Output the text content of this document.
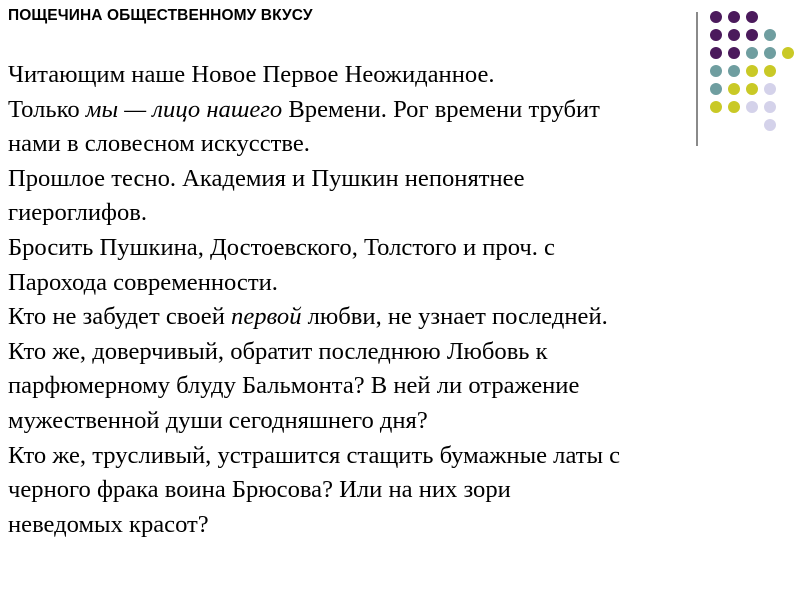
ПОЩЕЧИНА ОБЩЕСТВЕННОМУ ВКУСУ
Читающим наше Новое Первое Неожиданное.
Только мы — лицо нашего Времени. Рог времени трубит
нами в словесном искусстве.
Прошлое тесно. Академия и Пушкин непонятнее
гиероглифов.
Бросить Пушкина, Достоевского, Толстого и проч. с
Парохода современности.
Кто не забудет своей первой любви, не узнает последней.
Кто же, доверчивый, обратит последнюю Любовь к
парфюмерному блуду Бальмонта? В ней ли отражение
мужественной души сегодняшнего дня?
Кто же, трусливый, устрашится стащить бумажные латы с
черного фрака воина Брюсова? Или на них зори
неведомых красот?
